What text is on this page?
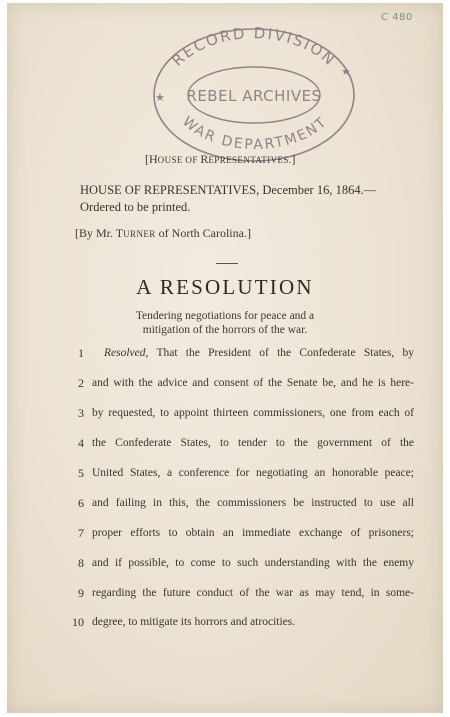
RECORD DIVISION
WAR DEPARTMENT
REBEL ARCHIVES
★
★
C 480
[HOUSE OF REPRESENTATIVES.]
HOUSE OF REPRESENTATIVES, December 16, 1864.—Ordered to be printed.
[By Mr. TURNER of North Carolina.]
A RESOLUTION
Tendering negotiations for peace and a mitigation of the horrors of the war.
1 Resolved, That the President of the Confederate States, by
2 and with the advice and consent of the Senate be, and he is here-
3 by requested, to appoint thirteen commissioners, one from each of
4 the Confederate States, to tender to the government of the
5 United States, a conference for negotiating an honorable peace;
6 and failing in this, the commissioners be instructed to use all
7 proper efforts to obtain an immediate exchange of prisoners;
8 and if possible, to come to such understanding with the enemy
9 regarding the future conduct of the war as may tend, in some-
10 degree, to mitigate its horrors and atrocities.
